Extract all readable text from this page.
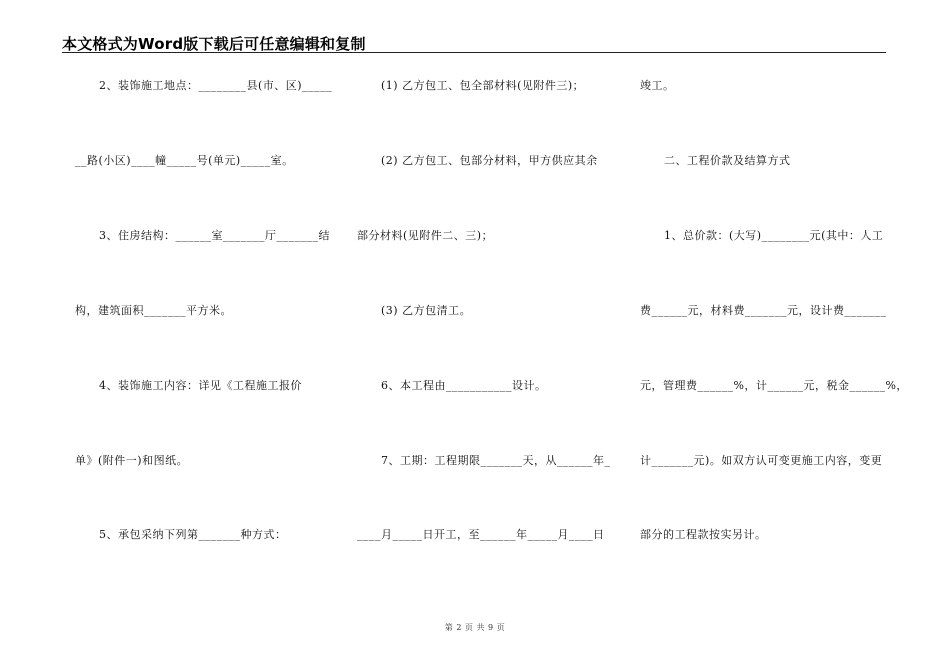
本文格式为Word版下载后可任意编辑和复制
2、装饰施工地点：________县(市、区)_____
__路(小区)____幢_____号(单元)_____室。
3、住房结构：______室_______厅_______结
构，建筑面积_______平方米。
4、装饰施工内容：详见《工程施工报价
单》(附件一)和图纸。
5、承包采纳下列第_______种方式：
(1) 乙方包工、包全部材料(见附件三)；
(2) 乙方包工、包部分材料，甲方供应其余
部分材料(见附件二、三)；
(3) 乙方包清工。
6、本工程由___________设计。
7、工期：工程期限_______天，从______年_
____月_____日开工，至______年_____月____日
竣工。
二、工程价款及结算方式
1、总价款：(大写)________元(其中：人工
费______元，材料费_______元，设计费_______
元，管理费______%，计______元，税金______%，
计_______元)。如双方认可变更施工内容，变更
部分的工程款按实另计。
第 2 页 共 9 页
